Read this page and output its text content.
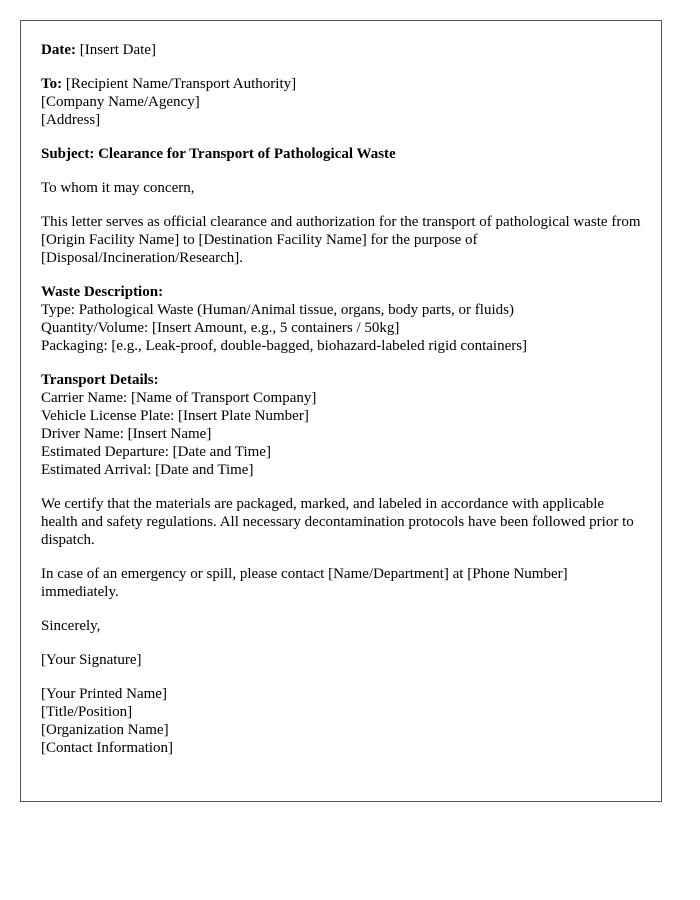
Date: [Insert Date]

To: [Recipient Name/Transport Authority]
[Company Name/Agency]
[Address]

Subject: Clearance for Transport of Pathological Waste

To whom it may concern,

This letter serves as official clearance and authorization for the transport of pathological waste from [Origin Facility Name] to [Destination Facility Name] for the purpose of [Disposal/Incineration/Research].

Waste Description:
Type: Pathological Waste (Human/Animal tissue, organs, body parts, or fluids)
Quantity/Volume: [Insert Amount, e.g., 5 containers / 50kg]
Packaging: [e.g., Leak-proof, double-bagged, biohazard-labeled rigid containers]

Transport Details:
Carrier Name: [Name of Transport Company]
Vehicle License Plate: [Insert Plate Number]
Driver Name: [Insert Name]
Estimated Departure: [Date and Time]
Estimated Arrival: [Date and Time]

We certify that the materials are packaged, marked, and labeled in accordance with applicable health and safety regulations. All necessary decontamination protocols have been followed prior to dispatch.

In case of an emergency or spill, please contact [Name/Department] at [Phone Number] immediately.

Sincerely,

[Your Signature]

[Your Printed Name]
[Title/Position]
[Organization Name]
[Contact Information]
